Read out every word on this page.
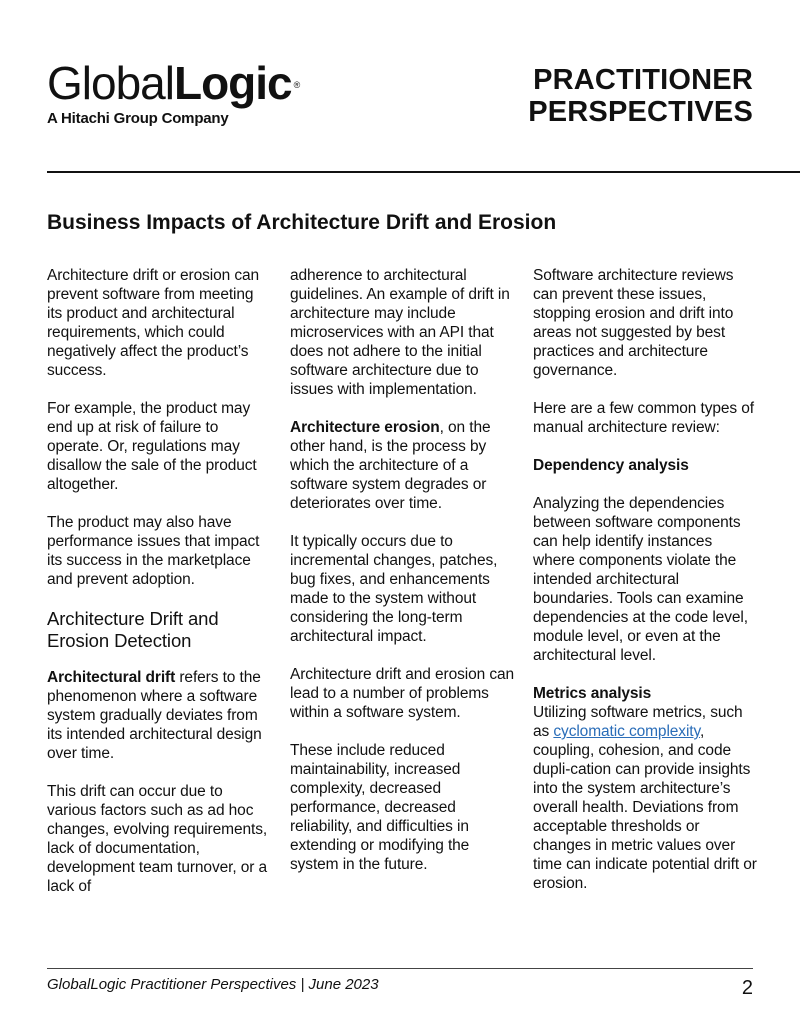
GlobalLogic ®
A Hitachi Group Company
PRACTITIONER
PERSPECTIVES
Business Impacts of Architecture Drift and Erosion

Architecture drift or erosion can prevent software from meeting its product and architectural requirements, which could negatively affect the product’s success.

For example, the product may end up at risk of failure to operate. Or, regulations may disallow the sale of the product altogether.

The product may also have performance issues that impact its success in the marketplace and prevent adoption.

Architecture Drift and Erosion Detection

Architectural drift refers to the phenomenon where a software system gradually deviates from its intended architectural design over time.

This drift can occur due to various factors such as ad hoc changes, evolving requirements, lack of documentation, development team turnover, or a lack of

adherence to architectural guidelines. An example of drift in architecture may include microservices with an API that does not adhere to the initial software architecture due to issues with implementation.

Architecture erosion, on the other hand, is the process by which the architecture of a software system degrades or deteriorates over time.

It typically occurs due to incremental changes, patches, bug fixes, and enhancements made to the system without considering the long-term architectural impact.

Architecture drift and erosion can lead to a number of problems within a software system.

These include reduced maintainability, increased complexity, decreased performance, decreased reliability, and difficulties in extending or modifying the system in the future.

Software architecture reviews can prevent these issues, stopping erosion and drift into areas not suggested by best practices and architecture governance.

Here are a few common types of manual architecture review:

Dependency analysis

Analyzing the dependencies between software components can help identify instances where components violate the intended architectural boundaries. Tools can examine dependencies at the code level, module level, or even at the architectural level.

Metrics analysis

Utilizing software metrics, such as cyclomatic complexity, coupling, cohesion, and code dupli-cation can provide insights into the system architecture’s overall health. Deviations from acceptable thresholds or changes in metric values over time can indicate potential drift or erosion.

GlobalLogic Practitioner Perspectives | June 2023	2
